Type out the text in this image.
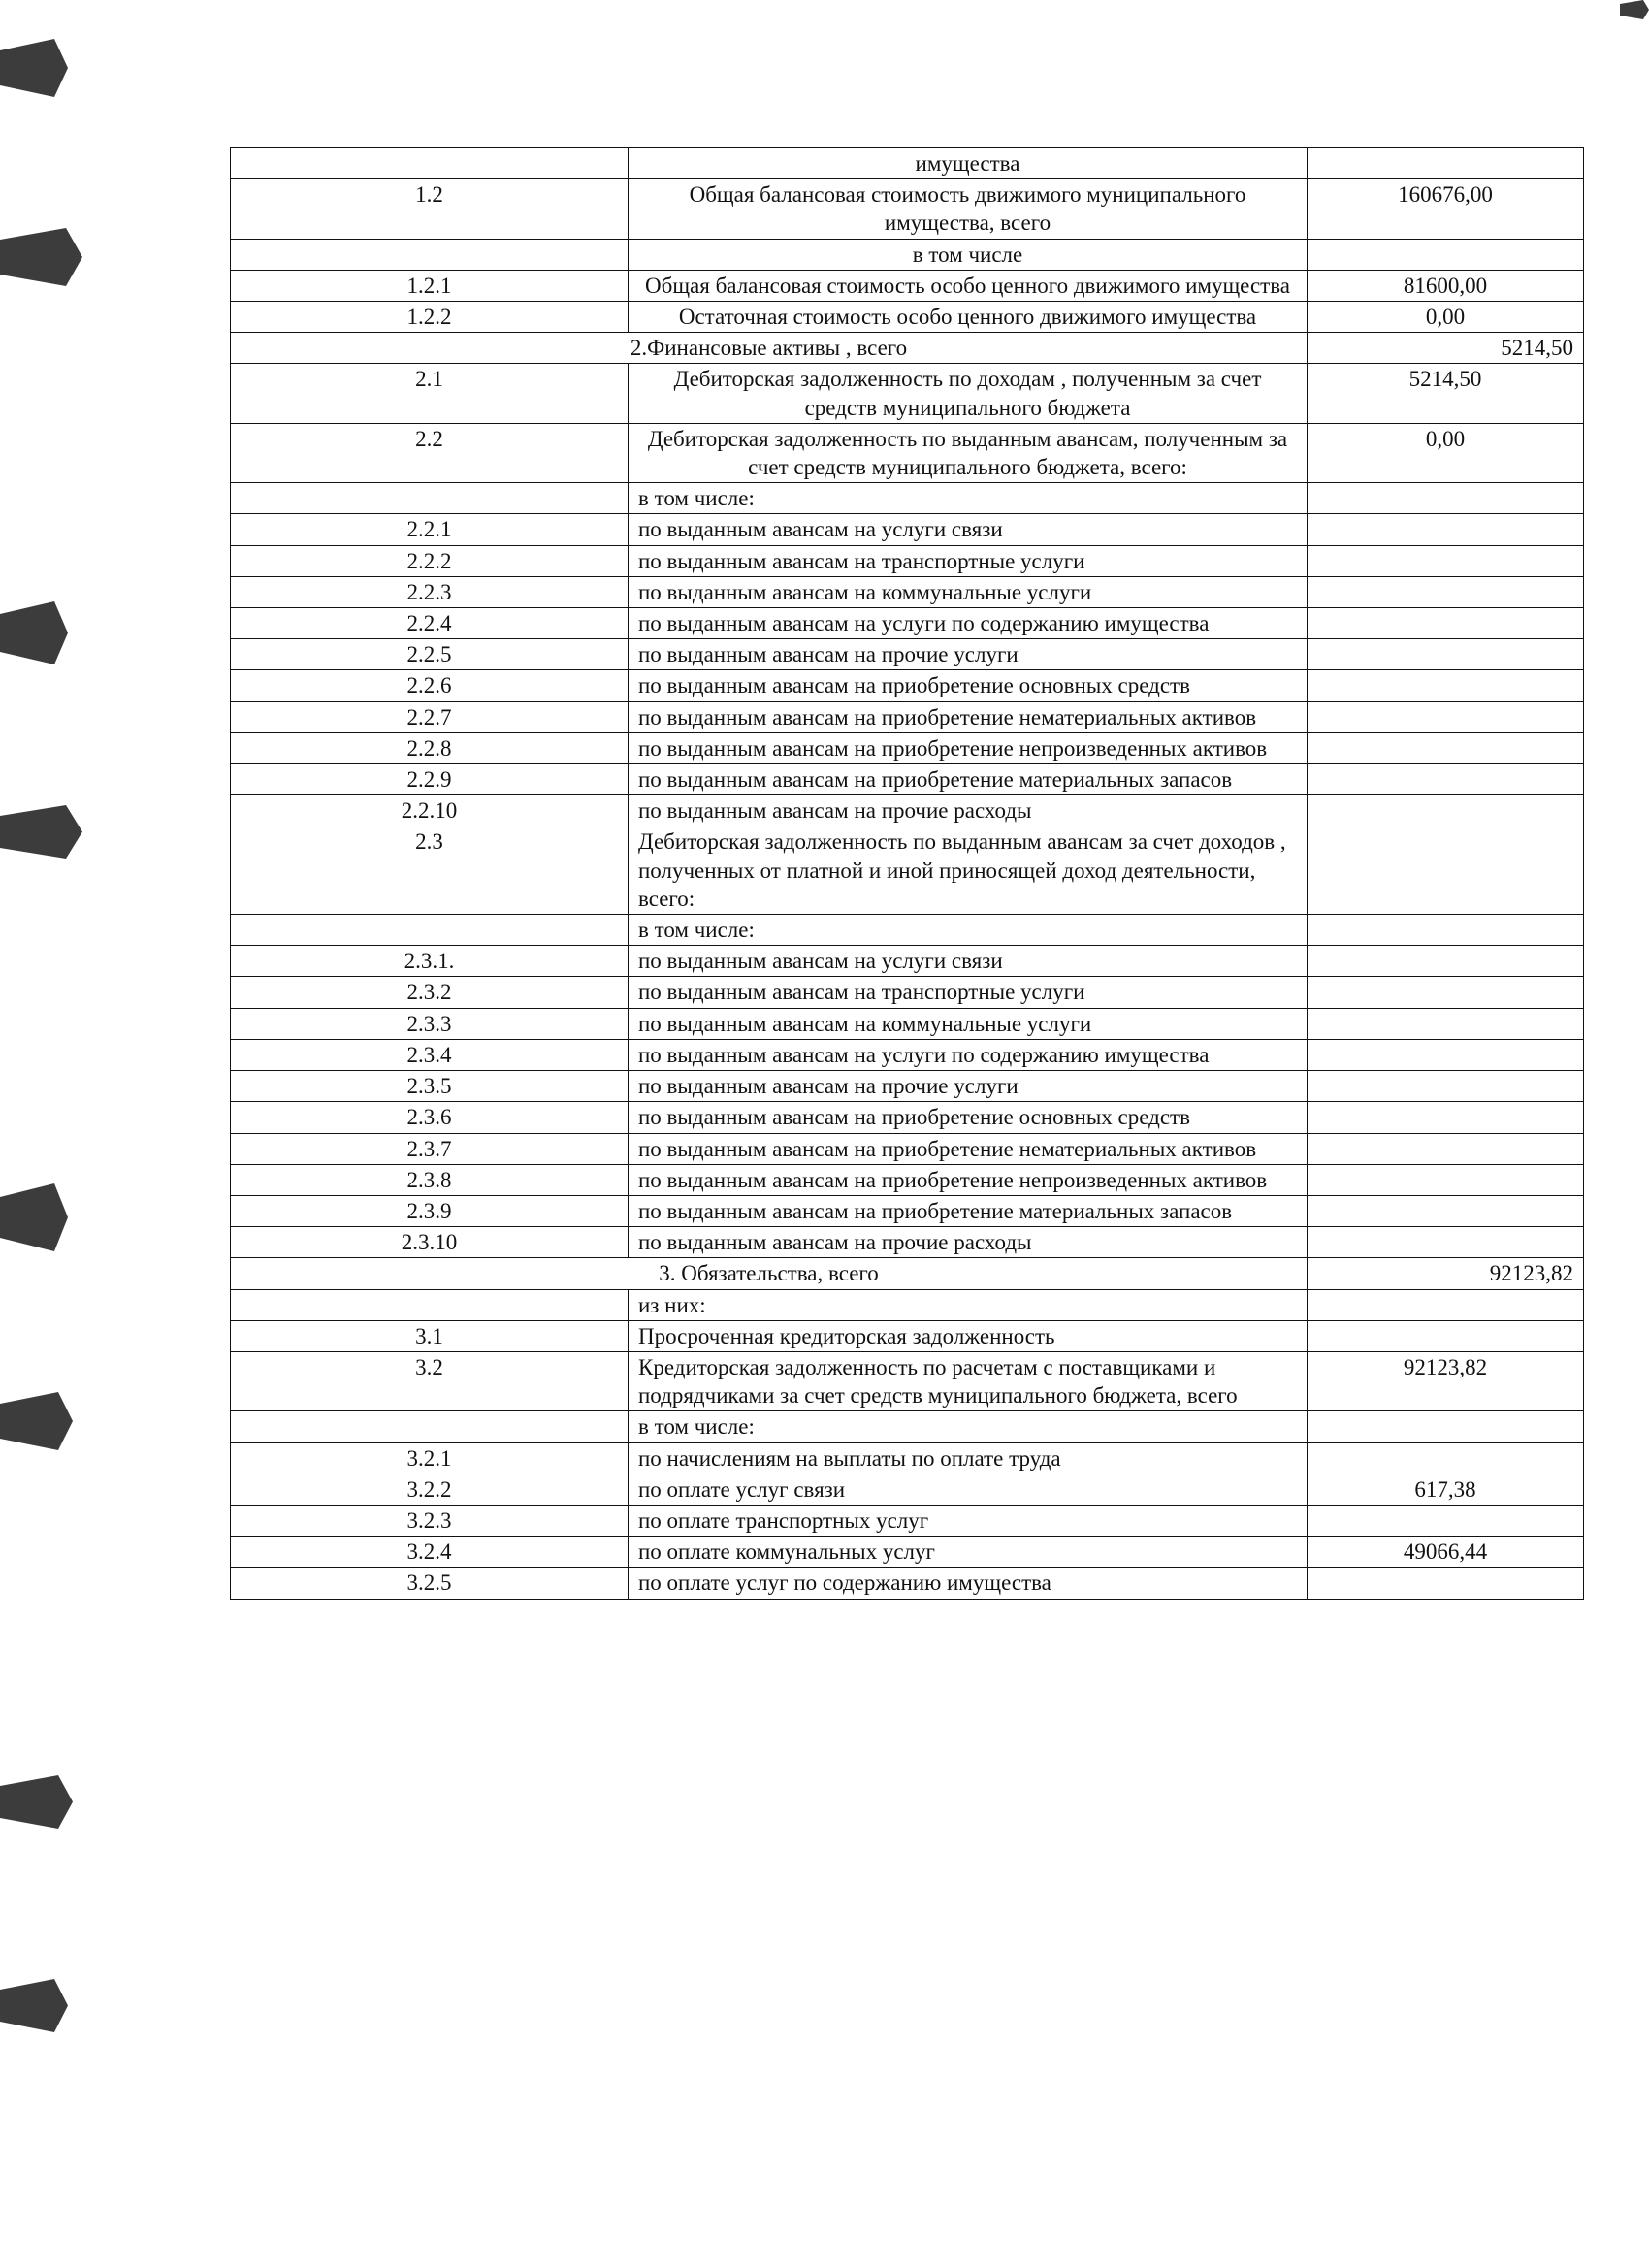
	имущества	
1.2	Общая балансовая стоимость движимого муниципального имущества, всего	160676,00
	в том числе	
1.2.1	Общая балансовая стоимость особо ценного движимого имущества	81600,00
1.2.2	Остаточная стоимость особо ценного движимого имущества	0,00
2.Финансовые активы , всего		5214,50
2.1	Дебиторская задолженность по доходам , полученным за счет средств муниципального бюджета	5214,50
2.2	Дебиторская задолженность по выданным авансам, полученным за счет средств муниципального бюджета, всего:	0,00
	в том числе:	
2.2.1	по выданным авансам на услуги связи	
2.2.2	по выданным авансам на транспортные услуги	
2.2.3	по выданным авансам на коммунальные услуги	
2.2.4	по выданным авансам на услуги по содержанию имущества	
2.2.5	по выданным авансам на прочие услуги	
2.2.6	по выданным авансам на приобретение основных средств	
2.2.7	по выданным авансам на приобретение нематериальных активов	
2.2.8	по выданным авансам на приобретение непроизведенных активов	
2.2.9	по выданным авансам на приобретение материальных запасов	
2.2.10	по выданным авансам на прочие расходы	
2.3	Дебиторская задолженность по выданным авансам за счет доходов , полученных от платной и иной приносящей доход деятельности, всего:	
	в том числе:	
2.3.1.	по выданным авансам на услуги связи	
2.3.2	по выданным авансам на транспортные услуги	
2.3.3	по выданным авансам на коммунальные услуги	
2.3.4	по выданным авансам на услуги по содержанию имущества	
2.3.5	по выданным авансам на прочие услуги	
2.3.6	по выданным авансам на приобретение основных средств	
2.3.7	по выданным авансам на приобретение нематериальных активов	
2.3.8	по выданным авансам на приобретение непроизведенных активов	
2.3.9	по выданным авансам на приобретение материальных запасов	
2.3.10	по выданным авансам на прочие расходы	
3. Обязательства, всего		92123,82
	из них:	
3.1	Просроченная кредиторская задолженность	
3.2	Кредиторская задолженность по расчетам с поставщиками и подрядчиками за счет средств муниципального бюджета, всего	92123,82
	в том числе:	
3.2.1	по начислениям на выплаты по оплате труда	
3.2.2	по оплате услуг связи	617,38
3.2.3	по оплате транспортных услуг	
3.2.4	по оплате коммунальных услуг	49066,44
3.2.5	по оплате услуг по содержанию имущества	
